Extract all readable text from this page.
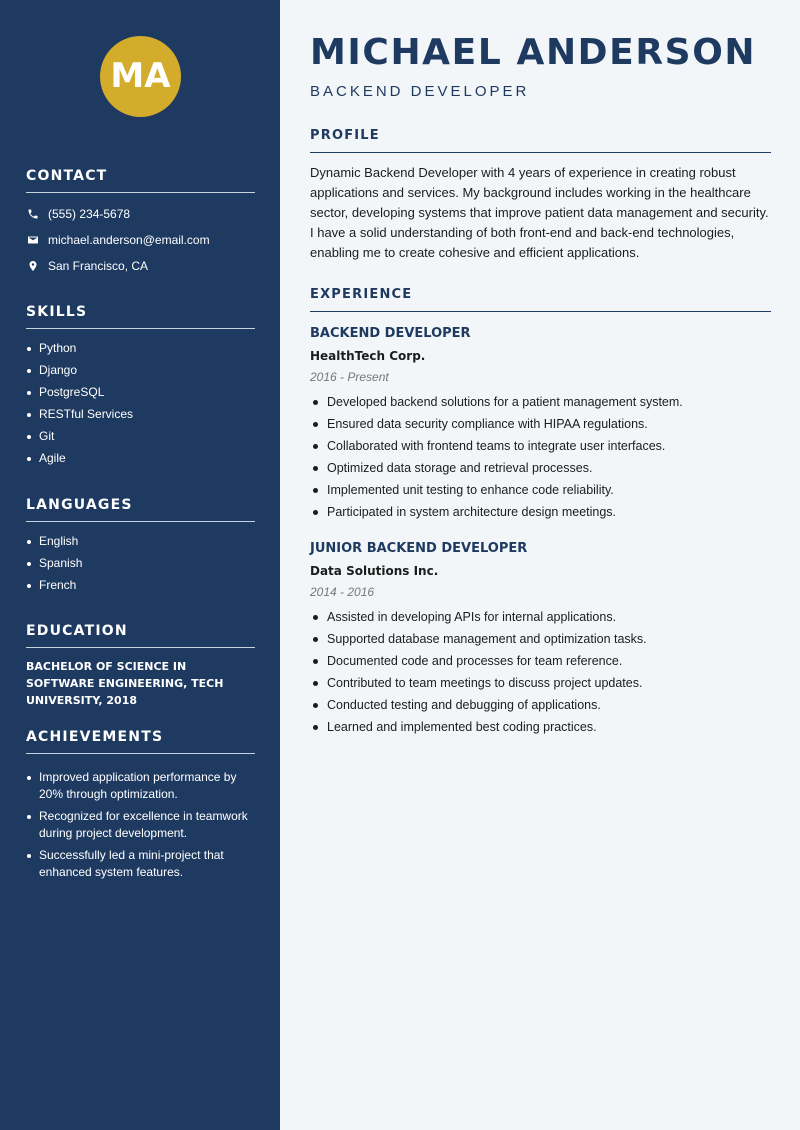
MA
CONTACT
(555) 234-5678
michael.anderson@email.com
San Francisco, CA
SKILLS
Python
Django
PostgreSQL
RESTful Services
Git
Agile
LANGUAGES
English
Spanish
French
EDUCATION

BACHELOR OF SCIENCE IN SOFTWARE ENGINEERING, TECH UNIVERSITY, 2018

ACHIEVEMENTS
Improved application performance by 20% through optimization.
Recognized for excellence in teamwork during project development.
Successfully led a mini-project that enhanced system features.
MICHAEL ANDERSON
BACKEND DEVELOPER
PROFILE

Dynamic Backend Developer with 4 years of experience in creating robust applications and services. My background includes working in the healthcare sector, developing systems that improve patient data management and security. I have a solid understanding of both front-end and back-end technologies, enabling me to create cohesive and efficient applications.

EXPERIENCE
BACKEND DEVELOPER
HealthTech Corp.
2016 - Present
Developed backend solutions for a patient management system.
Ensured data security compliance with HIPAA regulations.
Collaborated with frontend teams to integrate user interfaces.
Optimized data storage and retrieval processes.
Implemented unit testing to enhance code reliability.
Participated in system architecture design meetings.
JUNIOR BACKEND DEVELOPER
Data Solutions Inc.
2014 - 2016
Assisted in developing APIs for internal applications.
Supported database management and optimization tasks.
Documented code and processes for team reference.
Contributed to team meetings to discuss project updates.
Conducted testing and debugging of applications.
Learned and implemented best coding practices.
